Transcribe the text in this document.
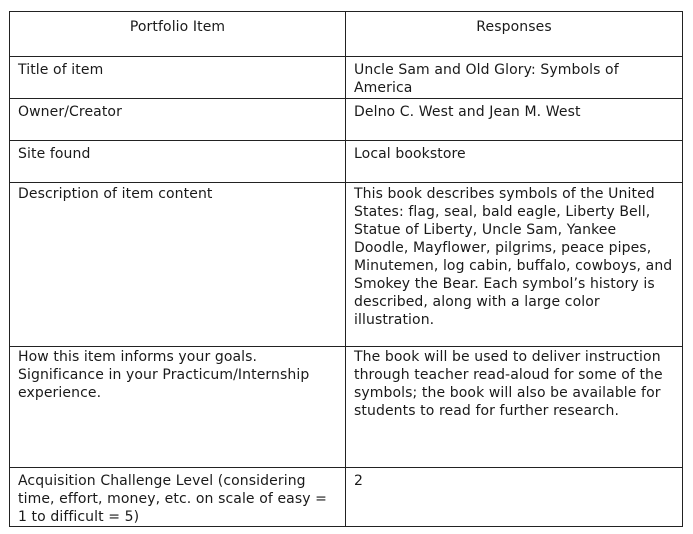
Portfolio Item	Responses

Title of item	Uncle Sam and Old Glory: Symbols of America

Owner/Creator	Delno C. West and Jean M. West

Site found	Local bookstore

Description of item content	This book describes symbols of the United States: flag, seal, bald eagle, Liberty Bell, Statue of Liberty, Uncle Sam, Yankee Doodle, Mayflower, pilgrims, peace pipes, Minutemen, log cabin, buffalo, cowboys, and Smokey the Bear. Each symbol’s history is described, along with a large color illustration.

How this item informs your goals. Significance in your Practicum/Internship experience.	The book will be used to deliver instruction through teacher read-aloud for some of the symbols; the book will also be available for students to read for further research.

Acquisition Challenge Level (considering time, effort, money, etc. on scale of easy = 1 to difficult = 5)	2
